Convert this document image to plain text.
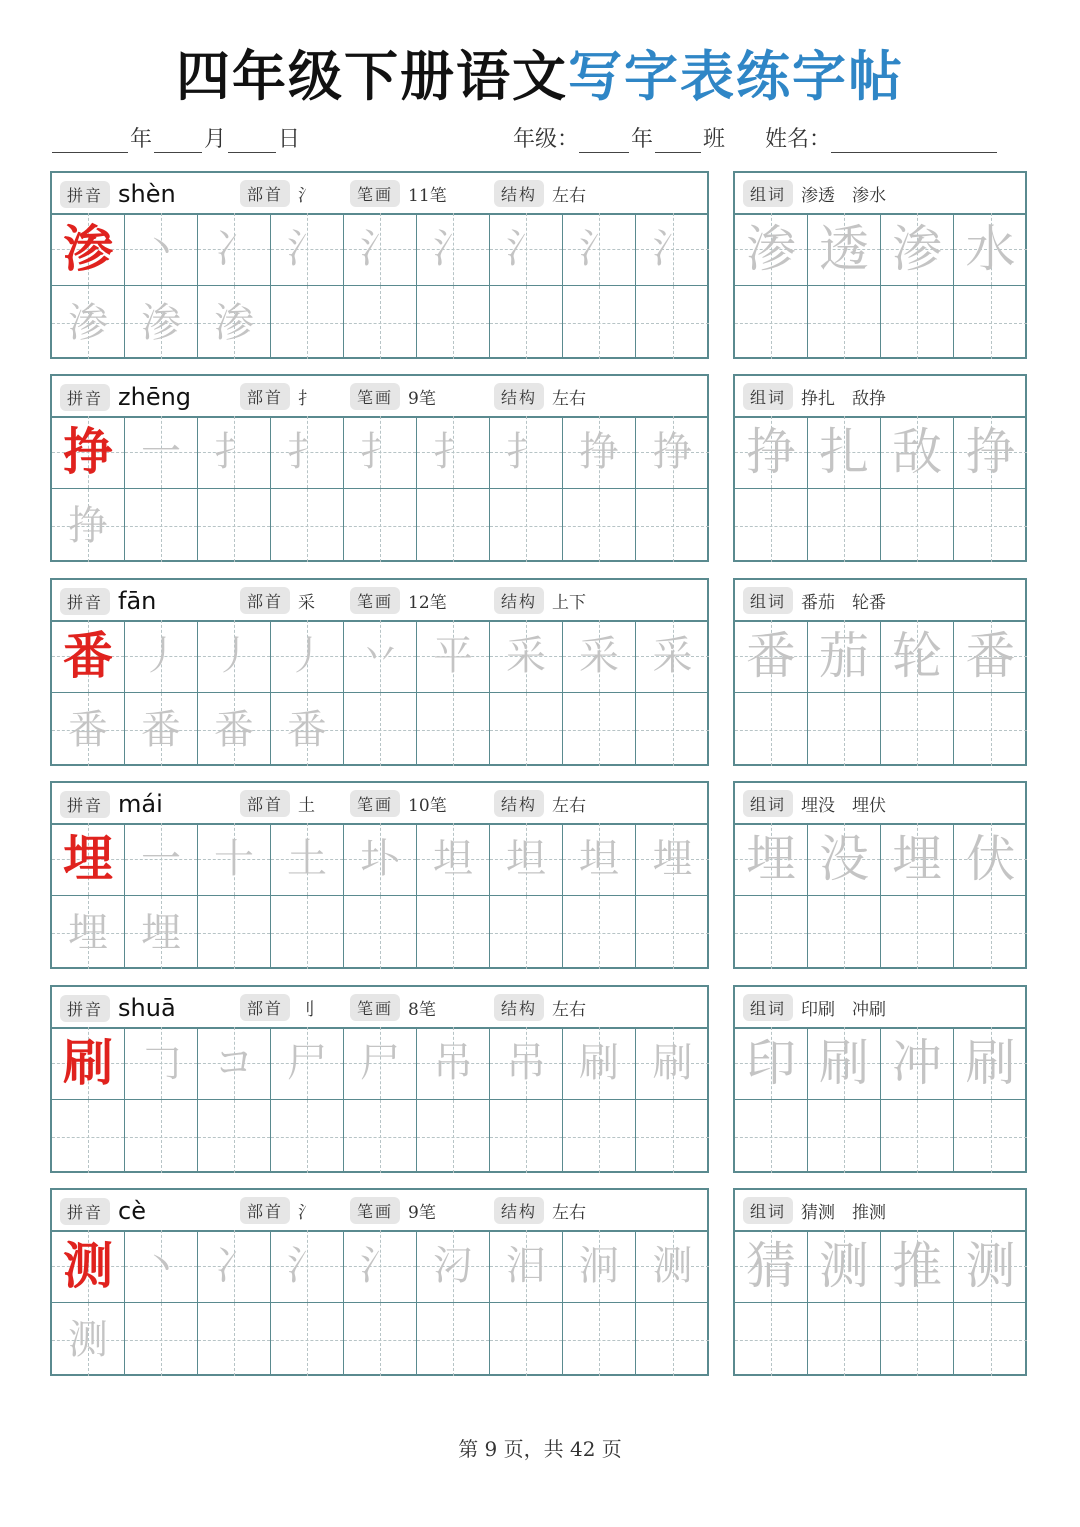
四年级下册语文写字表练字帖
年 月 日	年级： 年 班 姓名：
拼音 shèn	部首 氵	笔画 11笔	结构 左右
渗 丶 冫 氵 氵 氵 氵 氵 氵
渗 渗 渗
组词 渗透　渗水
渗 透 渗 水
拼音 zhēng	部首 扌	笔画 9笔	结构 左右
挣 一 扌 扌 扌 扌 扌 挣 挣
挣
组词 挣扎　敌挣
挣 扎 敌 挣
拼音 fān	部首 采	笔画 12笔	结构 上下
番 丿 丿 丿 丷 平 采 采 采
番 番 番 番
组词 番茄　轮番
番 茄 轮 番
拼音 mái	部首 土	笔画 10笔	结构 左右
埋 一 十 土 圤 坦 坦 坦 埋
埋 埋
组词 埋没　埋伏
埋 没 埋 伏
拼音 shuā	部首 刂	笔画 8笔	结构 左右
刷 𠃌 コ 尸 尸 吊 吊 刷 刷
组词 印刷　冲刷
印 刷 冲 刷
拼音 cè	部首 氵	笔画 9笔	结构 左右
测 丶 冫 氵 氵 汈 汨 泂 测
测
组词 猜测　推测
猜 测 推 测
第 9 页，共 42 页
